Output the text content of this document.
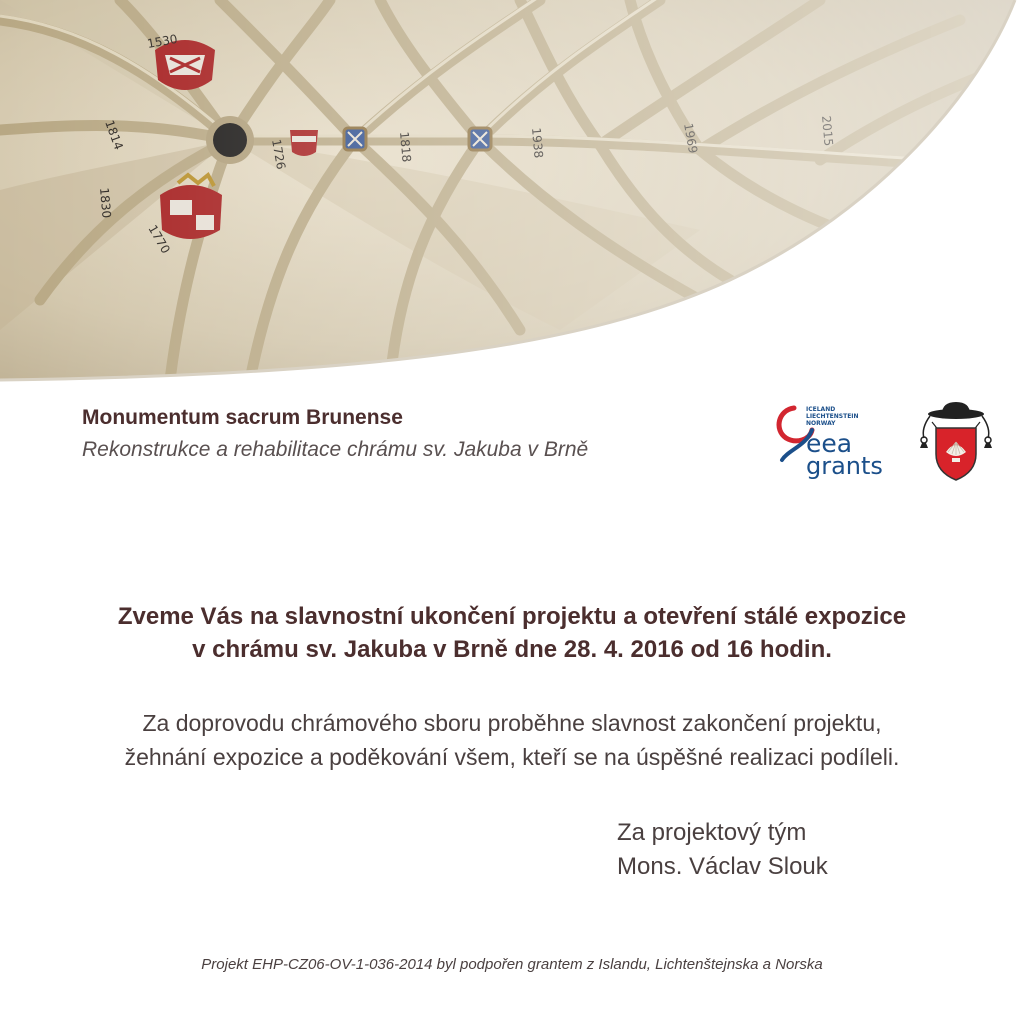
Monumentum sacrum Brunense

Rekonstrukce a rehabilitace chrámu sv. Jakuba v Brně

ICELAND
LIECHTENSTEIN
NORWAY
eea
grants
Zveme Vás na slavnostní ukončení projektu a otevření stálé expozice
v chrámu sv. Jakuba v Brně dne 28. 4. 2016 od 16 hodin.
Za doprovodu chrámového sboru proběhne slavnost zakončení projektu,
žehnání expozice a poděkování všem, kteří se na úspěšné realizaci podíleli.
Za projektový tým
Mons. Václav Slouk
Projekt EHP-CZ06-OV-1-036-2014 byl podpořen grantem z Islandu, Lichtenštejnska a Norska
